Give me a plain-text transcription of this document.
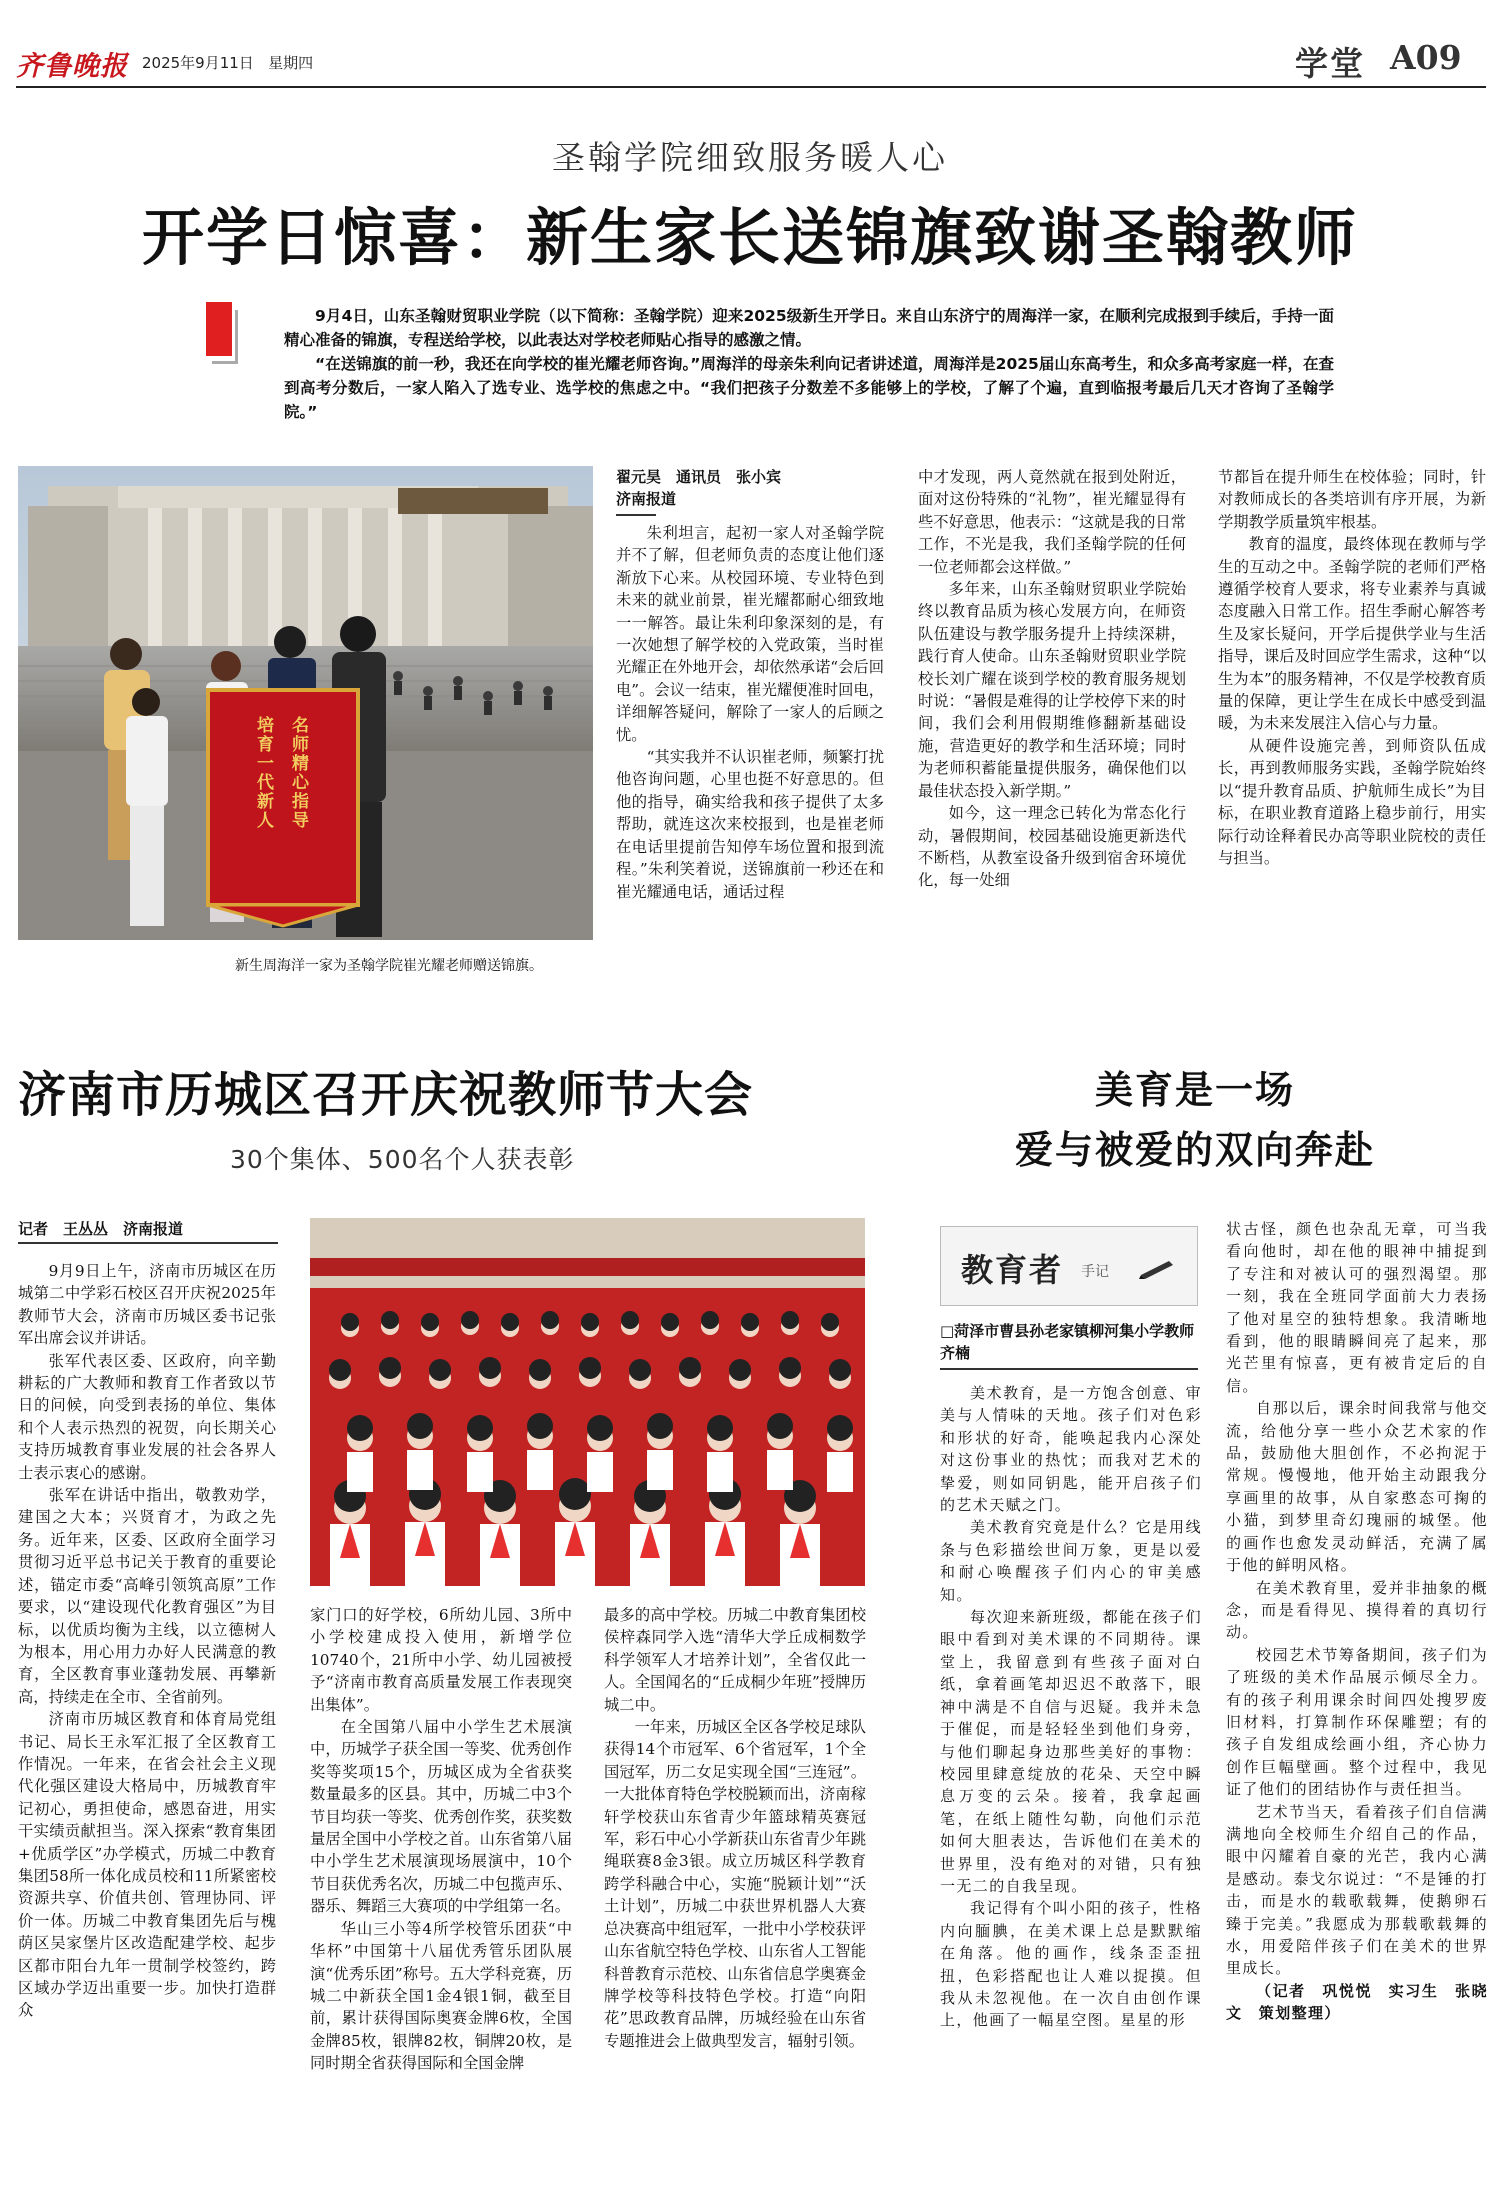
齐鲁晚报 2025年9月11日 星期四	学堂 A09
圣翰学院细致服务暖人心
开学日惊喜：新生家长送锦旗致谢圣翰教师

9月4日，山东圣翰财贸职业学院（以下简称：圣翰学院）迎来2025级新生开学日。来自山东济宁的周海洋一家，在顺利完成报到手续后，手持一面精心准备的锦旗，专程送给学校，以此表达对学校老师贴心指导的感激之情。

“在送锦旗的前一秒，我还在向学校的崔光耀老师咨询。”周海洋的母亲朱利向记者讲述道，周海洋是2025届山东高考生，和众多高考家庭一样，在查到高考分数后，一家人陷入了选专业、选学校的焦虑之中。“我们把孩子分数差不多能够上的学校，了解了个遍，直到临报考最后几天才咨询了圣翰学院。”

名师精心指导
培育一代新人
新生周海洋一家为圣翰学院崔光耀老师赠送锦旗。
翟元昊　通讯员　张小宾
济南报道

朱利坦言，起初一家人对圣翰学院并不了解，但老师负责的态度让他们逐渐放下心来。从校园环境、专业特色到未来的就业前景，崔光耀都耐心细致地一一解答。最让朱利印象深刻的是，有一次她想了解学校的入党政策，当时崔光耀正在外地开会，却依然承诺“会后回电”。会议一结束，崔光耀便准时回电，详细解答疑问，解除了一家人的后顾之忧。

“其实我并不认识崔老师，频繁打扰他咨询问题，心里也挺不好意思的。但他的指导，确实给我和孩子提供了太多帮助，就连这次来校报到，也是崔老师在电话里提前告知停车场位置和报到流程。”朱利笑着说，送锦旗前一秒还在和崔光耀通电话，通话过程

中才发现，两人竟然就在报到处附近，面对这份特殊的“礼物”，崔光耀显得有些不好意思，他表示：“这就是我的日常工作，不光是我，我们圣翰学院的任何一位老师都会这样做。”

多年来，山东圣翰财贸职业学院始终以教育品质为核心发展方向，在师资队伍建设与教学服务提升上持续深耕，践行育人使命。山东圣翰财贸职业学院校长刘广耀在谈到学校的教育服务规划时说：“暑假是难得的让学校停下来的时间，我们会利用假期维修翻新基础设施，营造更好的教学和生活环境；同时为老师积蓄能量提供服务，确保他们以最佳状态投入新学期。”

如今，这一理念已转化为常态化行动，暑假期间，校园基础设施更新迭代不断档，从教室设备升级到宿舍环境优化，每一处细

节都旨在提升师生在校体验；同时，针对教师成长的各类培训有序开展，为新学期教学质量筑牢根基。

教育的温度，最终体现在教师与学生的互动之中。圣翰学院的老师们严格遵循学校育人要求，将专业素养与真诚态度融入日常工作。招生季耐心解答考生及家长疑问，开学后提供学业与生活指导，课后及时回应学生需求，这种“以生为本”的服务精神，不仅是学校教育质量的保障，更让学生在成长中感受到温暖，为未来发展注入信心与力量。

从硬件设施完善，到师资队伍成长，再到教师服务实践，圣翰学院始终以“提升教育品质、护航师生成长”为目标，在职业教育道路上稳步前行，用实际行动诠释着民办高等职业院校的责任与担当。

济南市历城区召开庆祝教师节大会
30个集体、500名个人获表彰
记者　王丛丛　济南报道

9月9日上午，济南市历城区在历城第二中学彩石校区召开庆祝2025年教师节大会，济南市历城区委书记张军出席会议并讲话。

张军代表区委、区政府，向辛勤耕耘的广大教师和教育工作者致以节日的问候，向受到表扬的单位、集体和个人表示热烈的祝贺，向长期关心支持历城教育事业发展的社会各界人士表示衷心的感谢。

张军在讲话中指出，敬教劝学，建国之大本；兴贤育才，为政之先务。近年来，区委、区政府全面学习贯彻习近平总书记关于教育的重要论述，锚定市委“高峰引领筑高原”工作要求，以“建设现代化教育强区”为目标，以优质均衡为主线，以立德树人为根本，用心用力办好人民满意的教育，全区教育事业蓬勃发展、再攀新高，持续走在全市、全省前列。

济南市历城区教育和体育局党组书记、局长王永军汇报了全区教育工作情况。一年来，在省会社会主义现代化强区建设大格局中，历城教育牢记初心，勇担使命，感恩奋进，用实干实绩贡献担当。深入探索“教育集团+优质学区”办学模式，历城二中教育集团58所一体化成员校和11所紧密校资源共享、价值共创、管理协同、评价一体。历城二中教育集团先后与槐荫区吴家堡片区改造配建学校、起步区都市阳台九年一贯制学校签约，跨区域办学迈出重要一步。加快打造群众

家门口的好学校，6所幼儿园、3所中小学校建成投入使用，新增学位10740个，21所中小学、幼儿园被授予“济南市教育高质量发展工作表现突出集体”。

在全国第八届中小学生艺术展演中，历城学子获全国一等奖、优秀创作奖等奖项15个，历城区成为全省获奖数量最多的区县。其中，历城二中3个节目均获一等奖、优秀创作奖，获奖数量居全国中小学校之首。山东省第八届中小学生艺术展演现场展演中，10个节目获优秀名次，历城二中包揽声乐、器乐、舞蹈三大赛项的中学组第一名。

华山三小等4所学校管乐团获“中华杯”中国第十八届优秀管乐团队展演“优秀乐团”称号。五大学科竞赛，历城二中新获全国1金4银1铜，截至目前，累计获得国际奥赛金牌6枚，全国金牌85枚，银牌82枚，铜牌20枚，是同时期全省获得国际和全国金牌

最多的高中学校。历城二中教育集团校侯梓森同学入选“清华大学丘成桐数学科学领军人才培养计划”，全省仅此一人。全国闻名的“丘成桐少年班”授牌历城二中。

一年来，历城区全区各学校足球队获得14个市冠军、6个省冠军，1个全国冠军，历二女足实现全国“三连冠”。一大批体育特色学校脱颖而出，济南稼轩学校获山东省青少年篮球精英赛冠军，彩石中心小学新获山东省青少年跳绳联赛8金3银。成立历城区科学教育跨学科融合中心，实施“脱颖计划”“沃土计划”，历城二中获世界机器人大赛总决赛高中组冠军，一批中小学校获评山东省航空特色学校、山东省人工智能科普教育示范校、山东省信息学奥赛金牌学校等科技特色学校。打造“向阳花”思政教育品牌，历城经验在山东省专题推进会上做典型发言，辐射引领。

美育是一场
爱与被爱的双向奔赴
教育者 手记
□菏泽市曹县孙老家镇柳河集小学教师　齐楠

美术教育，是一方饱含创意、审美与人情味的天地。孩子们对色彩和形状的好奇，能唤起我内心深处对这份事业的热忱；而我对艺术的挚爱，则如同钥匙，能开启孩子们的艺术天赋之门。

美术教育究竟是什么？它是用线条与色彩描绘世间万象，更是以爱和耐心唤醒孩子们内心的审美感知。

每次迎来新班级，都能在孩子们眼中看到对美术课的不同期待。课堂上，我留意到有些孩子面对白纸，拿着画笔却迟迟不敢落下，眼神中满是不自信与迟疑。我并未急于催促，而是轻轻坐到他们身旁，与他们聊起身边那些美好的事物：校园里肆意绽放的花朵、天空中瞬息万变的云朵。接着，我拿起画笔，在纸上随性勾勒，向他们示范如何大胆表达，告诉他们在美术的世界里，没有绝对的对错，只有独一无二的自我呈现。

我记得有个叫小阳的孩子，性格内向腼腆，在美术课上总是默默缩在角落。他的画作，线条歪歪扭扭，色彩搭配也让人难以捉摸。但我从未忽视他。在一次自由创作课上，他画了一幅星空图。星星的形

状古怪，颜色也杂乱无章，可当我看向他时，却在他的眼神中捕捉到了专注和对被认可的强烈渴望。那一刻，我在全班同学面前大力表扬了他对星空的独特想象。我清晰地看到，他的眼睛瞬间亮了起来，那光芒里有惊喜，更有被肯定后的自信。

自那以后，课余时间我常与他交流，给他分享一些小众艺术家的作品，鼓励他大胆创作，不必拘泥于常规。慢慢地，他开始主动跟我分享画里的故事，从自家憨态可掬的小猫，到梦里奇幻瑰丽的城堡。他的画作也愈发灵动鲜活，充满了属于他的鲜明风格。

在美术教育里，爱并非抽象的概念，而是看得见、摸得着的真切行动。

校园艺术节筹备期间，孩子们为了班级的美术作品展示倾尽全力。有的孩子利用课余时间四处搜罗废旧材料，打算制作环保雕塑；有的孩子自发组成绘画小组，齐心协力创作巨幅壁画。整个过程中，我见证了他们的团结协作与责任担当。

艺术节当天，看着孩子们自信满满地向全校师生介绍自己的作品，眼中闪耀着自豪的光芒，我内心满是感动。泰戈尔说过：“不是锤的打击，而是水的载歌载舞，使鹅卵石臻于完美。”我愿成为那载歌载舞的水，用爱陪伴孩子们在美术的世界里成长。

（记者　巩悦悦　实习生　张晓文　策划整理）
